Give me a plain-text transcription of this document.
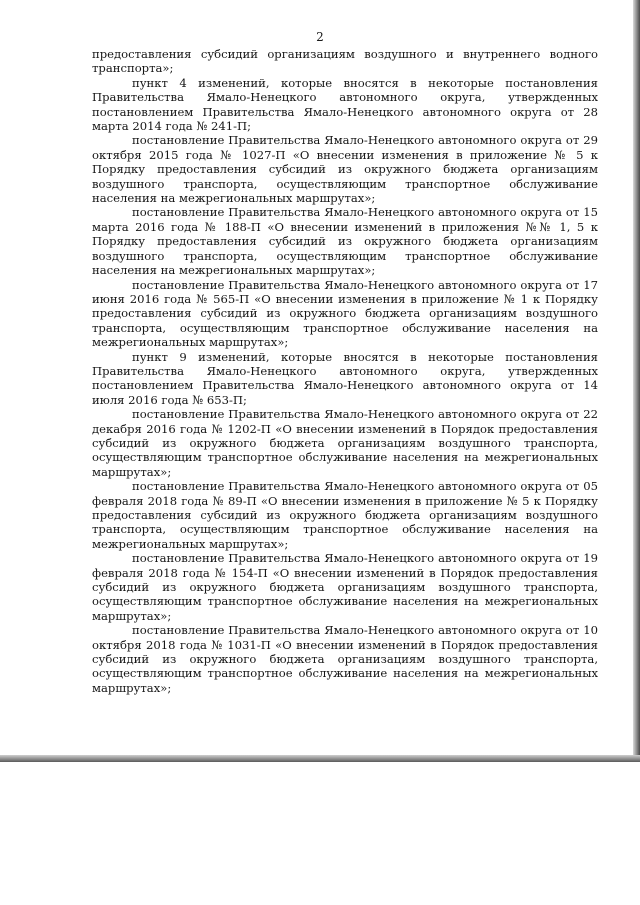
2

предоставления субсидий организациям воздушного и внутреннего водного транспорта»;

пункт 4 изменений, которые вносятся в некоторые постановления Правительства Ямало-Ненецкого автономного округа, утвержденных постановлением Правительства Ямало-Ненецкого автономного округа от 28 марта 2014 года № 241-П;

постановление Правительства Ямало-Ненецкого автономного округа от 29 октября 2015 года № 1027-П «О внесении изменения в приложение № 5 к Порядку предоставления субсидий из окружного бюджета организациям воздушного транспорта, осуществляющим транспортное обслуживание населения на межрегиональных маршрутах»;

постановление Правительства Ямало-Ненецкого автономного округа от 15 марта 2016 года № 188-П «О внесении изменений в приложения №№ 1, 5 к Порядку предоставления субсидий из окружного бюджета организациям воздушного транспорта, осуществляющим транспортное обслуживание населения на межрегиональных маршрутах»;

постановление Правительства Ямало-Ненецкого автономного округа от 17 июня 2016 года № 565-П «О внесении изменения в приложение № 1 к Порядку предоставления субсидий из окружного бюджета организациям воздушного транспорта, осуществляющим транспортное обслуживание населения на межрегиональных маршрутах»;

пункт 9 изменений, которые вносятся в некоторые постановления Правительства Ямало-Ненецкого автономного округа, утвержденных постановлением Правительства Ямало-Ненецкого автономного округа от 14 июля 2016 года № 653-П;

постановление Правительства Ямало-Ненецкого автономного округа от 22 декабря 2016 года № 1202-П «О внесении изменений в Порядок предоставления субсидий из окружного бюджета организациям воздушного транспорта, осуществляющим транспортное обслуживание населения на межрегиональных маршрутах»;

постановление Правительства Ямало-Ненецкого автономного округа от 05 февраля 2018 года № 89-П «О внесении изменения в приложение № 5 к Порядку предоставления субсидий из окружного бюджета организациям воздушного транспорта, осуществляющим транспортное обслуживание населения на межрегиональных маршрутах»;

постановление Правительства Ямало-Ненецкого автономного округа от 19 февраля 2018 года № 154-П «О внесении изменений в Порядок предоставления субсидий из окружного бюджета организациям воздушного транспорта, осуществляющим транспортное обслуживание населения на межрегиональных маршрутах»;

постановление Правительства Ямало-Ненецкого автономного округа от 10 октября 2018 года № 1031-П «О внесении изменений в Порядок предоставления субсидий из окружного бюджета организациям воздушного транспорта, осуществляющим транспортное обслуживание населения на межрегиональных маршрутах»;
